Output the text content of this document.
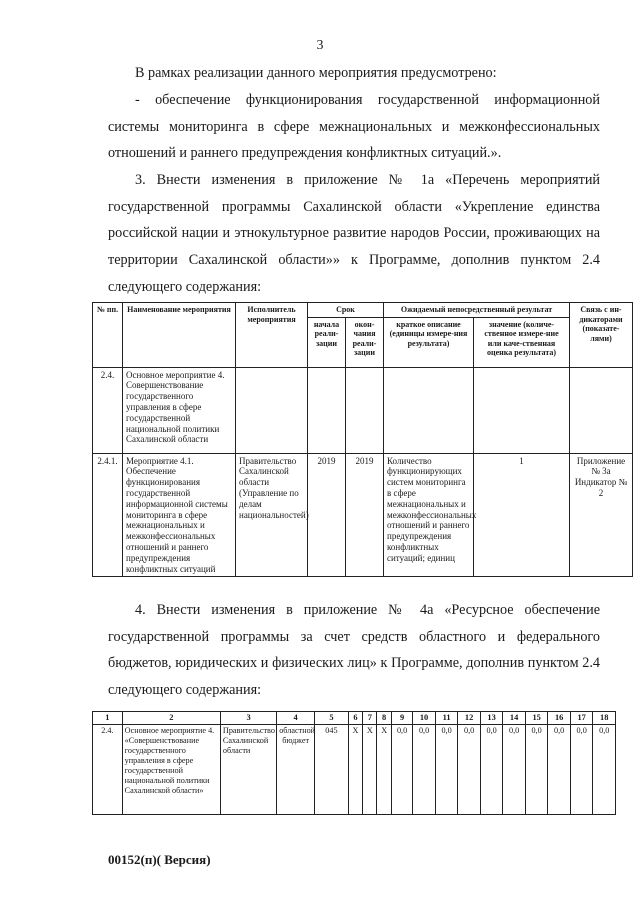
3

В рамках реализации данного мероприятия предусмотрено:

- обеспечение функционирования государственной информационной системы мониторинга в сфере межнациональных и межконфессиональных отношений и раннего предупреждения конфликтных ситуаций.».

3. Внести изменения в приложение № 1а «Перечень мероприятий государственной программы Сахалинской области «Укрепление единства российской нации и этнокультурное развитие народов России, проживающих на территории Сахалинской области»» к Программе, дополнив пунктом 2.4 следующего содержания:

№ пп.	Наименование мероприятия	Исполнитель мероприятия	Срок		Ожидаемый непосредственный результат		Связь с ин-дикаторами (показате-лями)
			начала реали-зации	окон-чания реали-зации	краткое описание (единицы измере-ния результата)	значение (количе-ственное измере-ние или каче-ственная оценка результата)	
2.4.	Основное мероприятие 4. Совершенствование государственного управления в сфере государственной национальной политики Сахалинской области						
2.4.1.	Мероприятие 4.1. Обеспечение функционирования государственной информационной системы мониторинга в сфере межнациональных и межконфессиональных отношений и раннего предупреждения конфликтных ситуаций	Правительство Сахалинской области (Управление по делам национальностей)	2019	2019	Количество функционирующих систем мониторинга в сфере межнациональных и межконфессиональных отношений и раннего предупреждения конфликтных ситуаций; единиц	1	Приложение № 3а Индикатор № 2

4. Внести изменения в приложение № 4а «Ресурсное обеспечение государственной программы за счет средств областного и федерального бюджетов, юридических и физических лиц» к Программе, дополнив пунктом 2.4 следующего содержания:

1	2	3	4	5	6	7	8	9	10	11	12	13	14	15	16	17	18
2.4.	Основное мероприятие 4. «Совершенствование государственного управления в сфере государственной национальной политики Сахалинской области»	Правительство Сахалинской области	областной бюджет	045	X	X	X	0,0	0,0	0,0	0,0	0,0	0,0	0,0	0,0	0,0	0,0
00152(п)( Версия)
